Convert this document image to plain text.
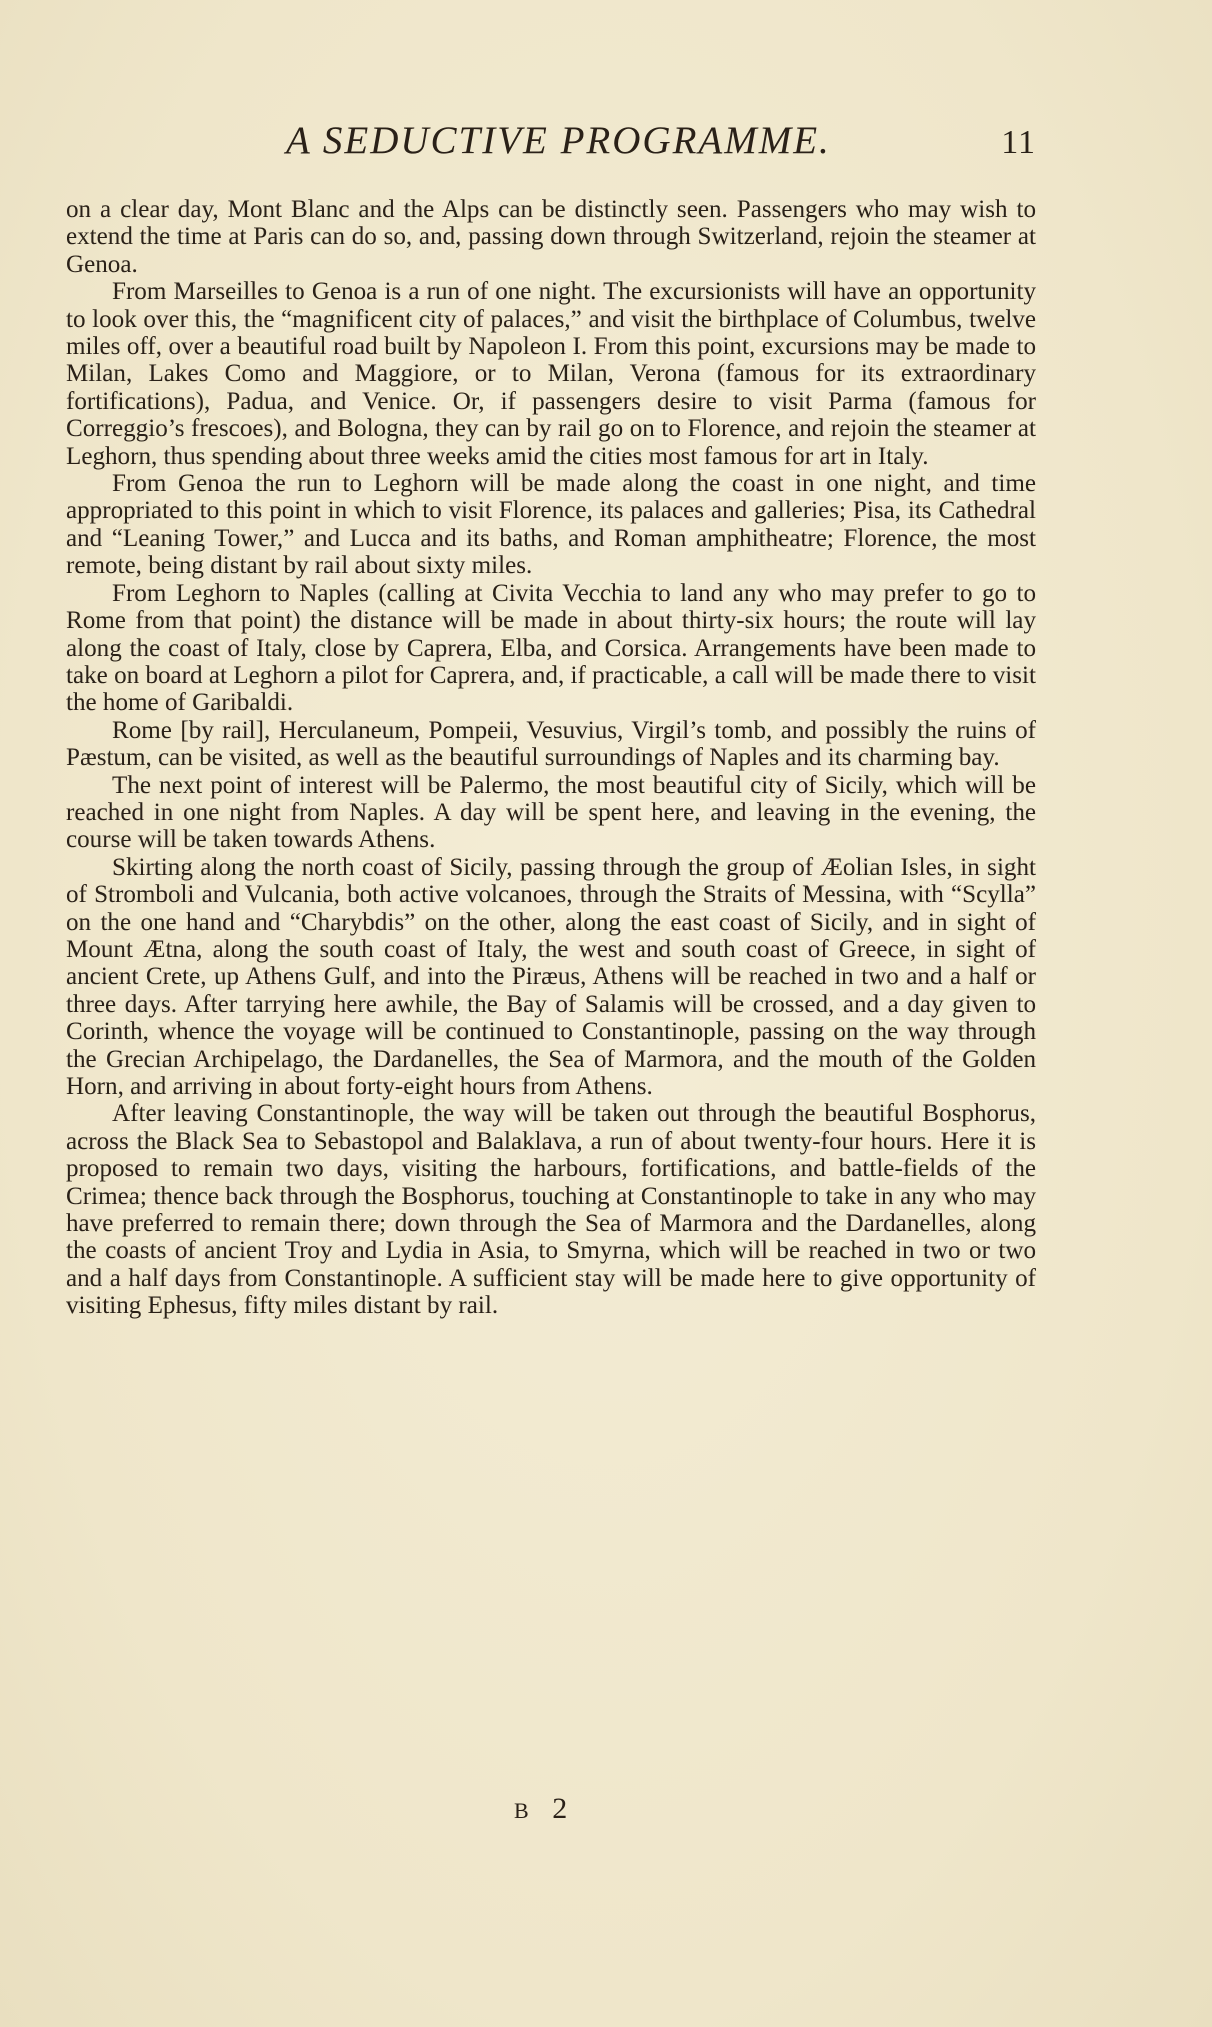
A SEDUCTIVE PROGRAMME.	11

on a clear day, Mont Blanc and the Alps can be distinctly seen. Passengers who may wish to extend the time at Paris can do so, and, passing down through Switzerland, rejoin the steamer at Genoa.

From Marseilles to Genoa is a run of one night. The excursionists will have an opportunity to look over this, the “magnificent city of palaces,” and visit the birthplace of Columbus, twelve miles off, over a beautiful road built by Napoleon I. From this point, excursions may be made to Milan, Lakes Como and Maggiore, or to Milan, Verona (famous for its extraordinary fortifications), Padua, and Venice. Or, if passengers desire to visit Parma (famous for Correggio’s frescoes), and Bologna, they can by rail go on to Florence, and rejoin the steamer at Leghorn, thus spending about three weeks amid the cities most famous for art in Italy.

From Genoa the run to Leghorn will be made along the coast in one night, and time appropriated to this point in which to visit Florence, its palaces and galleries; Pisa, its Cathedral and “Leaning Tower,” and Lucca and its baths, and Roman amphitheatre; Florence, the most remote, being distant by rail about sixty miles.

From Leghorn to Naples (calling at Civita Vecchia to land any who may prefer to go to Rome from that point) the distance will be made in about thirty-six hours; the route will lay along the coast of Italy, close by Caprera, Elba, and Corsica. Arrangements have been made to take on board at Leghorn a pilot for Caprera, and, if practicable, a call will be made there to visit the home of Garibaldi.

Rome [by rail], Herculaneum, Pompeii, Vesuvius, Virgil’s tomb, and possibly the ruins of Pæstum, can be visited, as well as the beautiful surroundings of Naples and its charming bay.

The next point of interest will be Palermo, the most beautiful city of Sicily, which will be reached in one night from Naples. A day will be spent here, and leaving in the evening, the course will be taken towards Athens.

Skirting along the north coast of Sicily, passing through the group of Æolian Isles, in sight of Stromboli and Vulcania, both active volcanoes, through the Straits of Messina, with “Scylla” on the one hand and “Charybdis” on the other, along the east coast of Sicily, and in sight of Mount Ætna, along the south coast of Italy, the west and south coast of Greece, in sight of ancient Crete, up Athens Gulf, and into the Piræus, Athens will be reached in two and a half or three days. After tarrying here awhile, the Bay of Salamis will be crossed, and a day given to Corinth, whence the voyage will be continued to Constantinople, passing on the way through the Grecian Archipelago, the Dardanelles, the Sea of Marmora, and the mouth of the Golden Horn, and arriving in about forty-eight hours from Athens.

After leaving Constantinople, the way will be taken out through the beautiful Bosphorus, across the Black Sea to Sebastopol and Balaklava, a run of about twenty-four hours. Here it is proposed to remain two days, visiting the harbours, fortifications, and battle-fields of the Crimea; thence back through the Bosphorus, touching at Constantinople to take in any who may have preferred to remain there; down through the Sea of Marmora and the Dardanelles, along the coasts of ancient Troy and Lydia in Asia, to Smyrna, which will be reached in two or two and a half days from Constantinople. A sufficient stay will be made here to give opportunity of visiting Ephesus, fifty miles distant by rail.

B 2
